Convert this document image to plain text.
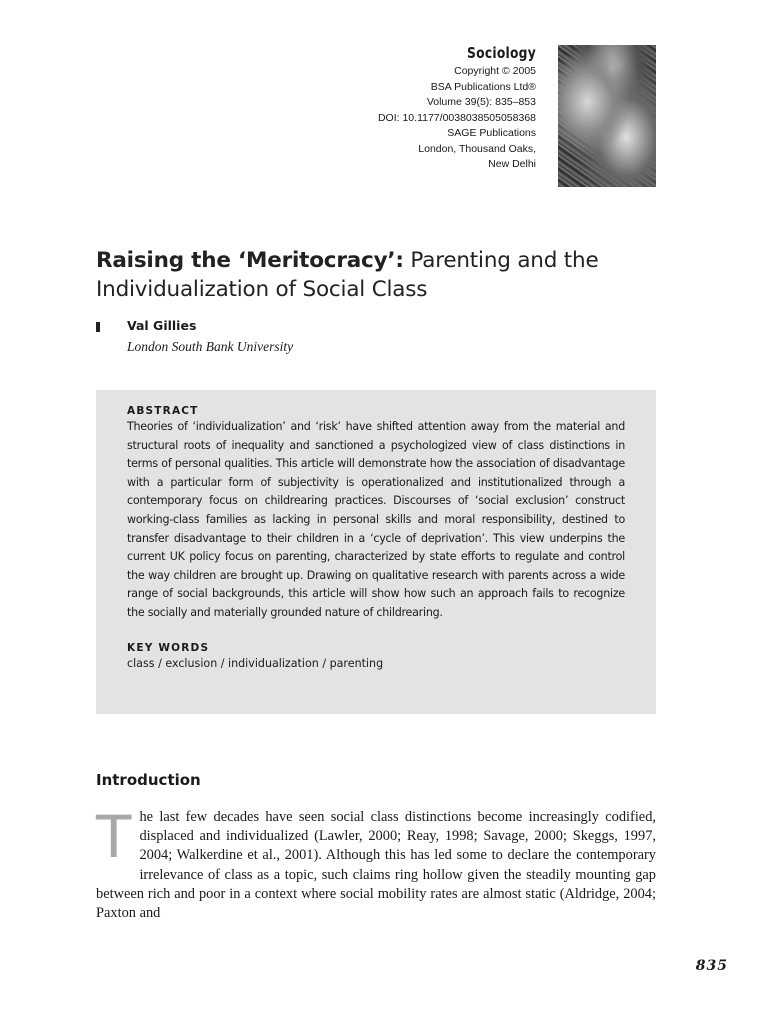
Sociology
Copyright © 2005
BSA Publications Ltd®
Volume 39(5): 835–853
DOI: 10.1177/0038038505058368
SAGE Publications
London, Thousand Oaks,
New Delhi
Raising the ‘Meritocracy’: Parenting and the Individualization of Social Class
Val Gillies
London South Bank University

ABSTRACT

Theories of ‘individualization’ and ‘risk’ have shifted attention away from the material and structural roots of inequality and sanctioned a psychologized view of class distinctions in terms of personal qualities. This article will demonstrate how the association of disadvantage with a particular form of subjectivity is operationalized and institutionalized through a contemporary focus on childrearing practices. Discourses of ‘social exclusion’ construct working-class families as lacking in personal skills and moral responsibility, destined to transfer disadvantage to their children in a ‘cycle of deprivation’. This view underpins the current UK policy focus on parenting, characterized by state efforts to regulate and control the way children are brought up. Drawing on qualitative research with parents across a wide range of social backgrounds, this article will show how such an approach fails to recognize the socially and materially grounded nature of childrearing.

KEY WORDS

class / exclusion / individualization / parenting

Introduction

The last few decades have seen social class distinctions become increasingly codified, displaced and individualized (Lawler, 2000; Reay, 1998; Savage, 2000; Skeggs, 1997, 2004; Walkerdine et al., 2001). Although this has led some to declare the contemporary irrelevance of class as a topic, such claims ring hollow given the steadily mounting gap between rich and poor in a context where social mobility rates are almost static (Aldridge, 2004; Paxton and

835
